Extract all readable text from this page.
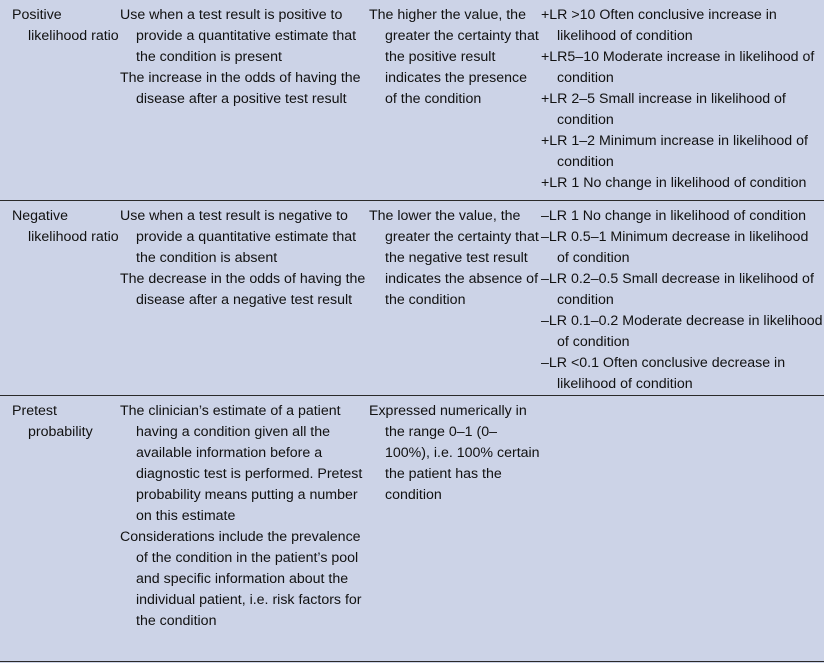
Positive likelihood ratio

Use when a test result is positive to provide a quantitative estimate that the condition is present

The increase in the odds of having the disease after a positive test result

The higher the value, the greater the certainty that the positive result indicates the presence of the condition

+LR >10 Often conclusive increase in likelihood of condition

+LR5–10 Moderate increase in likelihood of condition

+LR 2–5 Small increase in likelihood of condition

+LR 1–2 Minimum increase in likelihood of condition

+LR 1 No change in likelihood of condition

Negative likelihood ratio

Use when a test result is negative to provide a quantitative estimate that the condition is absent

The decrease in the odds of having the disease after a negative test result

The lower the value, the greater the certainty that the negative test result indicates the absence of the condition

–LR 1 No change in likelihood of condition

–LR 0.5–1 Minimum decrease in likelihood of condition

–LR 0.2–0.5 Small decrease in likelihood of condition

–LR 0.1–0.2 Moderate decrease in likelihood of condition

–LR <0.1 Often conclusive decrease in likelihood of condition

Pretest probability

The clinician’s estimate of a patient having a condition given all the available information before a diagnostic test is performed. Pretest probability means putting a number on this estimate

Considerations include the prevalence of the condition in the patient’s pool and specific information about the individual patient, i.e. risk factors for the condition

Expressed numerically in the range 0–1 (0–100%), i.e. 100% certain the patient has the condition
